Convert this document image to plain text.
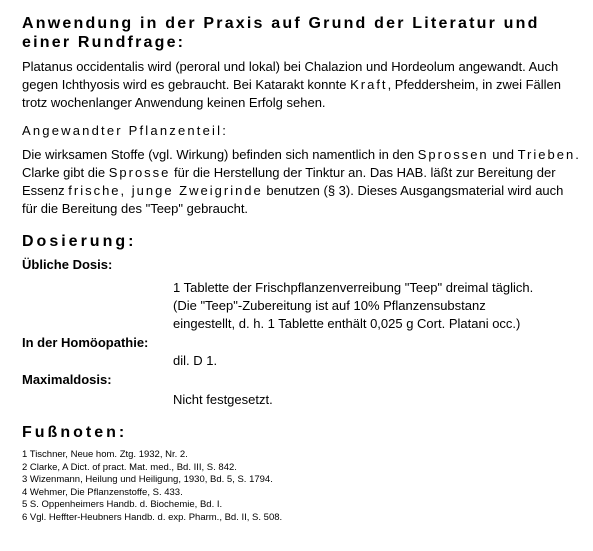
Anwendung in der Praxis auf Grund der Literatur und einer Rundfrage:

Platanus occidentalis wird (peroral und lokal) bei Chalazion und Hordeolum angewandt. Auch gegen Ichthyosis wird es gebraucht. Bei Katarakt konnte Kraft, Pfeddersheim, in zwei Fällen trotz wochenlanger Anwendung keinen Erfolg sehen.

Angewandter Pflanzenteil:

Die wirksamen Stoffe (vgl. Wirkung) befinden sich namentlich in den Sprossen und Trieben. Clarke gibt die Sprosse für die Herstellung der Tinktur an. Das HAB. läßt zur Bereitung der Essenz frische, junge Zweigrinde benutzen (§ 3). Dieses Ausgangsmaterial wird auch für die Bereitung des "Teep" gebraucht.

Dosierung:

Übliche Dosis:

1 Tablette der Frischpflanzenverreibung "Teep" dreimal täglich.

(Die "Teep"-Zubereitung ist auf 10% Pflanzensubstanz

eingestellt, d. h. 1 Tablette enthält 0,025 g Cort. Platani occ.)

In der Homöopathie:

dil. D 1.

Maximaldosis:

Nicht festgesetzt.

Fußnoten:
1 Tischner, Neue hom. Ztg. 1932, Nr. 2.
2 Clarke, A Dict. of pract. Mat. med., Bd. III, S. 842.
3 Wizenmann, Heilung und Heiligung, 1930, Bd. 5, S. 1794.
4 Wehmer, Die Pflanzenstoffe, S. 433.
5 S. Oppenheimers Handb. d. Biochemie, Bd. I.
6 Vgl. Heffter-Heubners Handb. d. exp. Pharm., Bd. II, S. 508.
